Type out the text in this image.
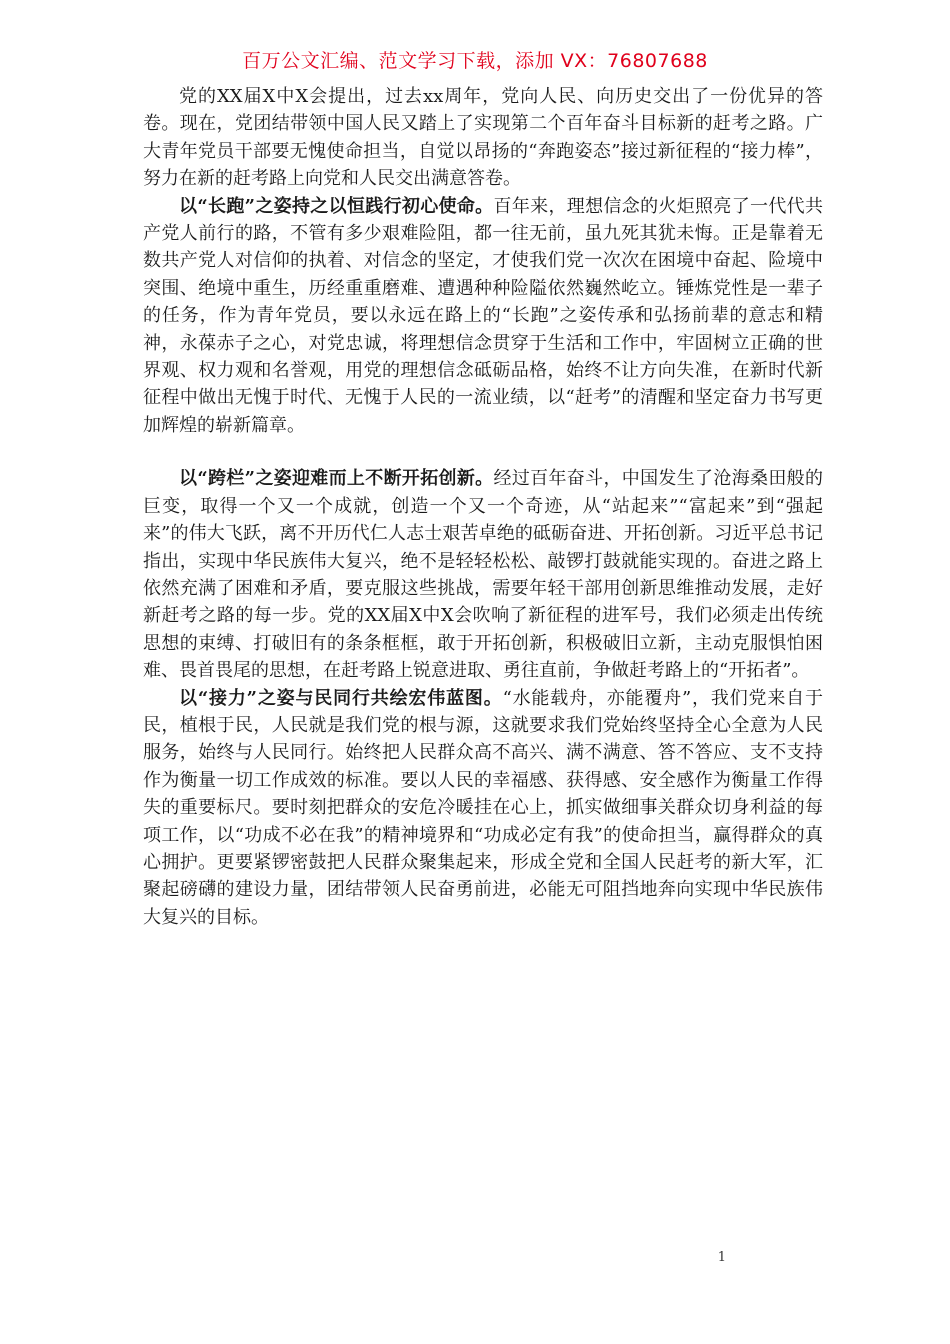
百万公文汇编、范文学习下载，添加 VX：76807688

党的XX届X中X会提出，过去xx周年，党向人民、向历史交出了一份优异的答卷。现在，党团结带领中国人民又踏上了实现第二个百年奋斗目标新的赶考之路。广大青年党员干部要无愧使命担当，自觉以昂扬的“奔跑姿态”接过新征程的“接力棒”，努力在新的赶考路上向党和人民交出满意答卷。

以“长跑”之姿持之以恒践行初心使命。百年来，理想信念的火炬照亮了一代代共产党人前行的路，不管有多少艰难险阻，都一往无前，虽九死其犹未悔。正是靠着无数共产党人对信仰的执着、对信念的坚定，才使我们党一次次在困境中奋起、险境中突围、绝境中重生，历经重重磨难、遭遇种种险隘依然巍然屹立。锤炼党性是一辈子的任务，作为青年党员，要以永远在路上的“长跑”之姿传承和弘扬前辈的意志和精神，永葆赤子之心，对党忠诚，将理想信念贯穿于生活和工作中，牢固树立正确的世界观、权力观和名誉观，用党的理想信念砥砺品格，始终不让方向失准，在新时代新征程中做出无愧于时代、无愧于人民的一流业绩，以“赶考”的清醒和坚定奋力书写更加辉煌的崭新篇章。

以“跨栏”之姿迎难而上不断开拓创新。经过百年奋斗，中国发生了沧海桑田般的巨变，取得一个又一个成就，创造一个又一个奇迹，从“站起来”“富起来”到“强起来”的伟大飞跃，离不开历代仁人志士艰苦卓绝的砥砺奋进、开拓创新。习近平总书记指出，实现中华民族伟大复兴，绝不是轻轻松松、敲锣打鼓就能实现的。奋进之路上依然充满了困难和矛盾，要克服这些挑战，需要年轻干部用创新思维推动发展，走好新赶考之路的每一步。党的XX届X中X会吹响了新征程的进军号，我们必须走出传统思想的束缚、打破旧有的条条框框，敢于开拓创新，积极破旧立新，主动克服惧怕困难、畏首畏尾的思想，在赶考路上锐意进取、勇往直前，争做赶考路上的“开拓者”。

以“接力”之姿与民同行共绘宏伟蓝图。“水能载舟，亦能覆舟”，我们党来自于民，植根于民，人民就是我们党的根与源，这就要求我们党始终坚持全心全意为人民服务，始终与人民同行。始终把人民群众高不高兴、满不满意、答不答应、支不支持作为衡量一切工作成效的标准。要以人民的幸福感、获得感、安全感作为衡量工作得失的重要标尺。要时刻把群众的安危冷暖挂在心上，抓实做细事关群众切身利益的每项工作，以“功成不必在我”的精神境界和“功成必定有我”的使命担当，赢得群众的真心拥护。更要紧锣密鼓把人民群众聚集起来，形成全党和全国人民赶考的新大军，汇聚起磅礴的建设力量，团结带领人民奋勇前进，必能无可阻挡地奔向实现中华民族伟大复兴的目标。

1
